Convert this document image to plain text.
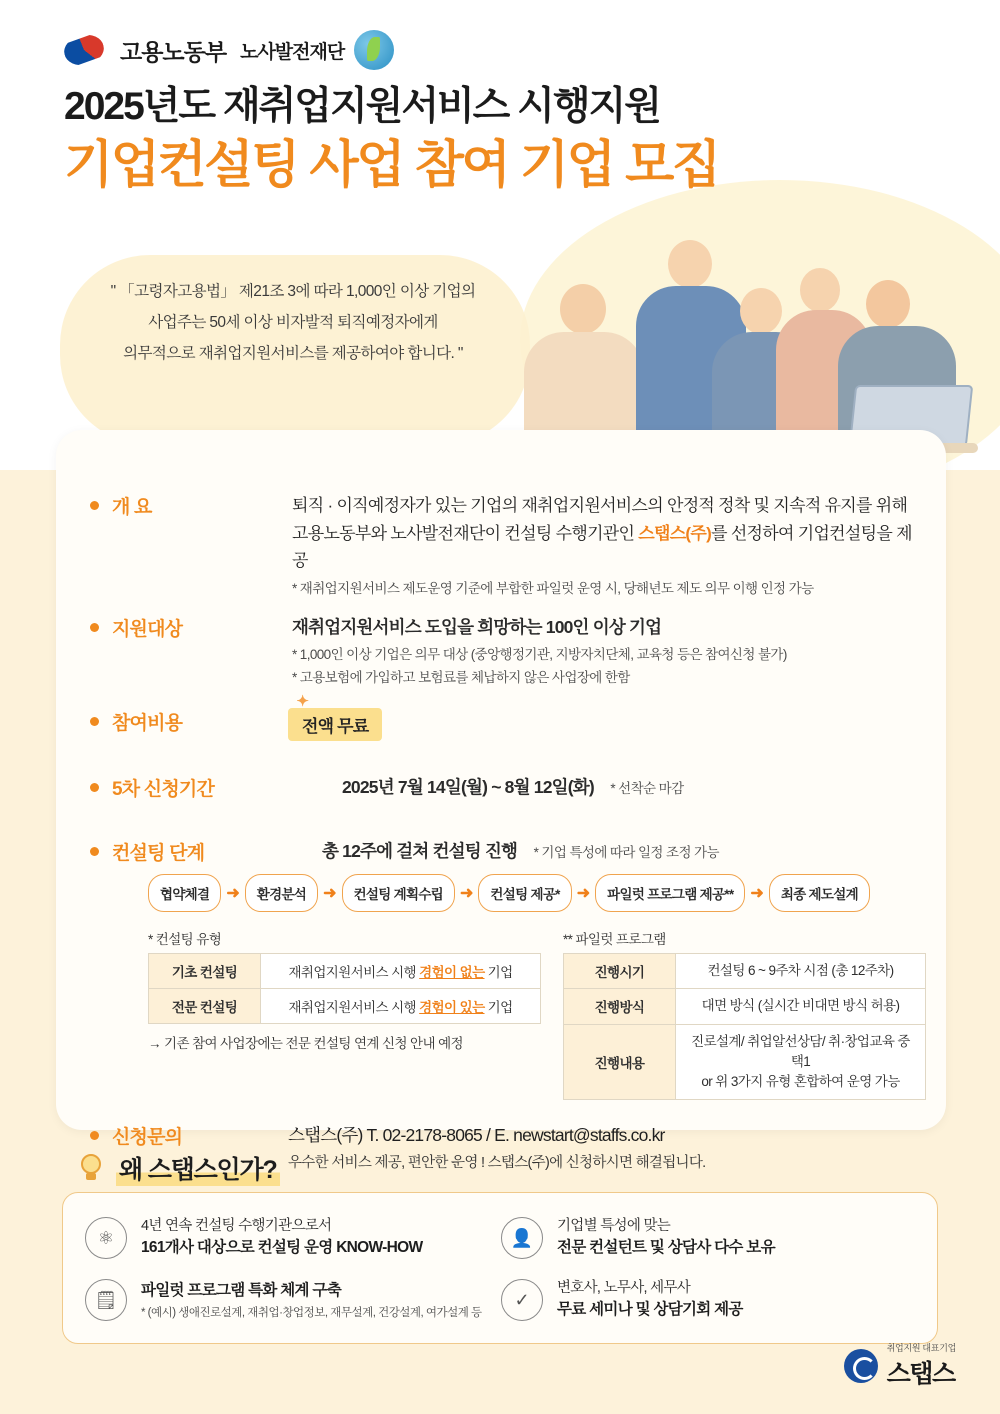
고용노동부 노사발전재단
2025년도 재취업지원서비스 시행지원
기업컨설팅 사업 참여 기업 모집
" 「고령자고용법」 제21조 3에 따라 1,000인 이상 기업의
사업주는 50세 이상 비자발적 퇴직예정자에게
의무적으로 재취업지원서비스를 제공하여야 합니다. "
개 요	퇴직 · 이직예정자가 있는 기업의 재취업지원서비스의 안정적 정착 및 지속적 유지를 위해
고용노동부와 노사발전재단이 컨설팅 수행기관인 스탭스(주)를 선정하여 기업컨설팅을 제공
* 재취업지원서비스 제도운영 기준에 부합한 파일럿 운영 시, 당해년도 제도 의무 이행 인정 가능
지원대상	재취업지원서비스 도입을 희망하는 100인 이상 기업
* 1,000인 이상 기업은 의무 대상 (중앙행정기관, 지방자치단체, 교육청 등은 참여신청 불가)
* 고용보험에 가입하고 보험료를 체납하지 않은 사업장에 한함
참여비용	전액 무료
✦
5차 신청기간	2025년 7월 14일(월) ~ 8월 12일(화) * 선착순 마감
컨설팅 단계	총 12주에 걸쳐 컨설팅 진행 * 기업 특성에 따라 일정 조정 가능
협약체결	➜	환경분석	➜	컨설팅 계획수립	➜	컨설팅 제공*	➜	파일럿 프로그램 제공**	➜	최종 제도설계
* 컨설팅 유형
기초 컨설팅	재취업지원서비스 시행 경험이 없는 기업
전문 컨설팅	재취업지원서비스 시행 경험이 있는 기업
→ 기존 참여 사업장에는 전문 컨설팅 연계 신청 안내 예정
** 파일럿 프로그램
진행시기	컨설팅 6 ~ 9주차 시점 (총 12주차)
진행방식	대면 방식 (실시간 비대면 방식 허용)
진행내용	진로설계/ 취업알선상담/ 취·창업교육 중 택1
or 위 3가지 유형 혼합하여 운영 가능
신청문의	스탭스(주) T. 02-2178-8065 / E. newstart@staffs.co.kr
우수한 서비스 제공, 편안한 운영 ! 스탭스(주)에 신청하시면 해결됩니다.
왜 스탭스인가?
⚛
4년 연속 컨설팅 수행기관으로서
161개사 대상으로 컨설팅 운영 KNOW-HOW
👤
기업별 특성에 맞는
전문 컨설턴트 및 상담사 다수 보유
🗒	파일럿 프로그램 특화 체계 구축
* (예시) 생애진로설계, 재취업·창업정보, 재무설계, 건강설계, 여가설계 등
✓
변호사, 노무사, 세무사
무료 세미나 및 상담기회 제공
취업지원 대표기업
스탭스
